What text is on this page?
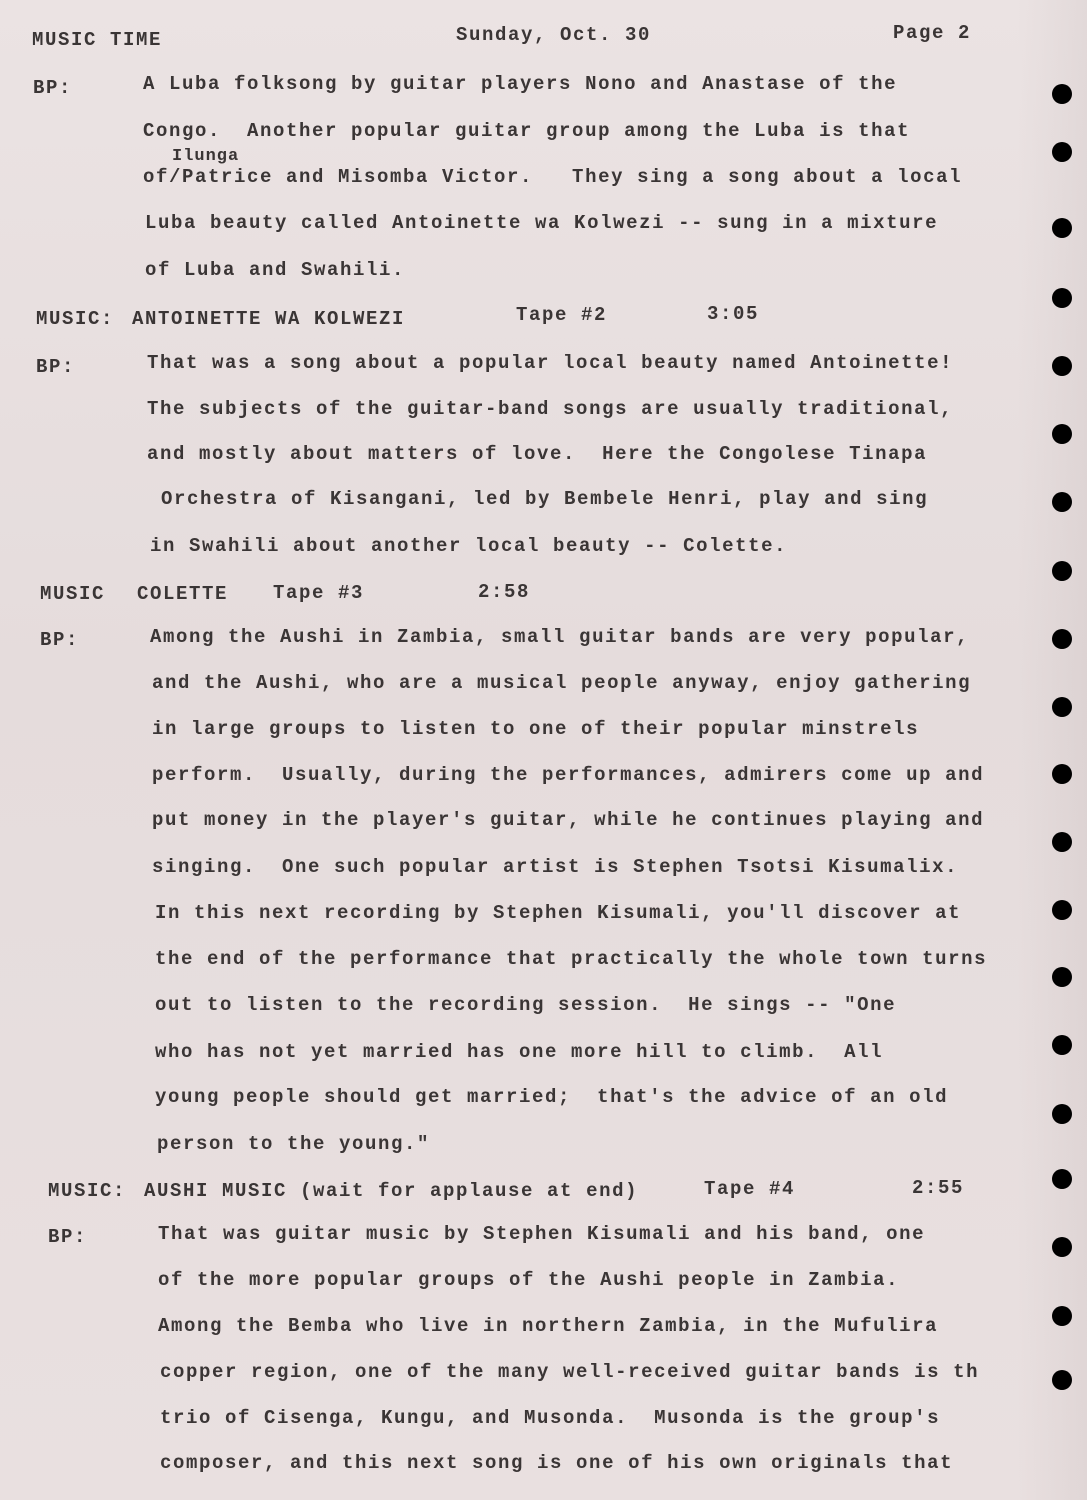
MUSIC TIME	Sunday, Oct. 30	Page 2
BP:	A Luba folksong by guitar players Nono and Anastase of the
Congo.  Another popular guitar group among the Luba is that
Ilunga
of/Patrice and Misomba Victor.   They sing a song about a local
Luba beauty called Antoinette wa Kolwezi -- sung in a mixture
of Luba and Swahili.
MUSIC: ANTOINETTE WA KOLWEZI	Tape #2	3:05
BP:	That was a song about a popular local beauty named Antoinette!
The subjects of the guitar-band songs are usually traditional,
and mostly about matters of love.  Here the Congolese Tinapa
Orchestra of Kisangani, led by Bembele Henri, play and sing
in Swahili about another local beauty -- Colette.
MUSIC COLETTE Tape #3	2:58
BP:	Among the Aushi in Zambia, small guitar bands are very popular,
and the Aushi, who are a musical people anyway, enjoy gathering
in large groups to listen to one of their popular minstrels
perform.  Usually, during the performances, admirers come up and
put money in the player's guitar, while he continues playing and
singing.  One such popular artist is Stephen Tsotsi Kisumalix.
In this next recording by Stephen Kisumali, you'll discover at
the end of the performance that practically the whole town turns
out to listen to the recording session.  He sings -- "One
who has not yet married has one more hill to climb.  All
young people should get married;  that's the advice of an old
person to the young."
MUSIC: AUSHI MUSIC (wait for applause at end)	Tape #4	2:55
BP:	That was guitar music by Stephen Kisumali and his band, one
of the more popular groups of the Aushi people in Zambia.
Among the Bemba who live in northern Zambia, in the Mufulira
copper region, one of the many well-received guitar bands is th
trio of Cisenga, Kungu, and Musonda.  Musonda is the group's
composer, and this next song is one of his own originals that
